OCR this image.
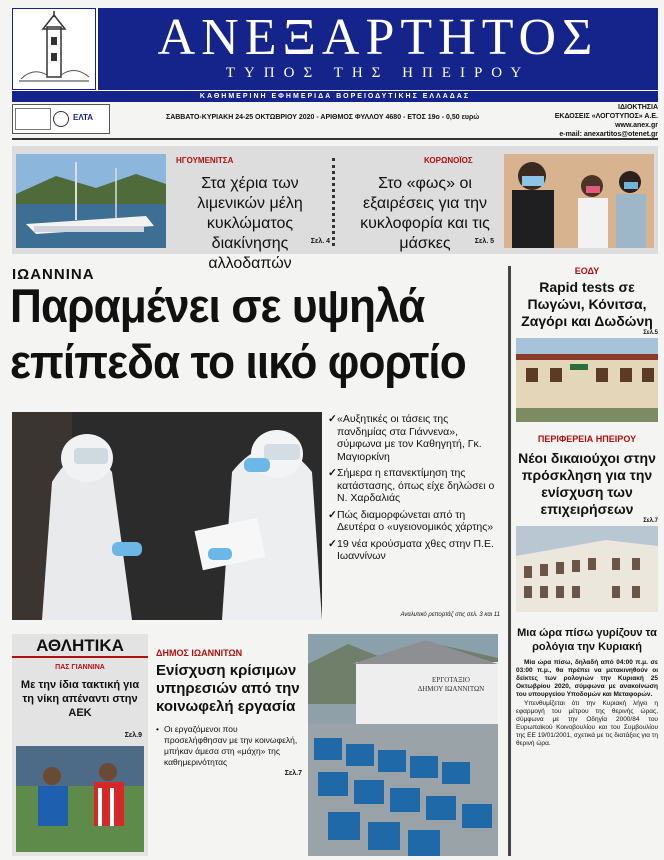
ΑΝΕΞΑΡΤΗΤΟΣ
ΤΥΠΟΣ ΤΗΣ ΗΠΕΙΡΟΥ
ΚΑΘΗΜΕΡΙΝΗ ΕΦΗΜΕΡΙΔΑ ΒΟΡΕΙΟΔΥΤΙΚΗΣ ΕΛΛΑΔΑΣ
ΕΛΤΑ	ΣΑΒΒΑΤΟ-ΚΥΡΙΑΚΗ 24-25 ΟΚΤΩΒΡΙΟΥ 2020 - ΑΡΙΘΜΟΣ ΦΥΛΛΟΥ 4680 - ΕΤΟΣ 19ο - 0,50 ευρώ
ΙΔΙΟΚΤΗΣΙΑ
ΕΚΔΟΣΕΙΣ «ΛΟΓΟΤΥΠΟΣ» Α.Ε.
www.anex.gr
e-mail: anexartitos@otenet.gr
ΗΓΟΥΜΕΝΙΤΣΑ
Στα χέρια των λιμενικών μέλη κυκλώματος διακίνησης αλλοδαπών
Σελ. 4
ΚΟΡΩΝΟΪΟΣ
Στο «φως» οι εξαιρέσεις για την κυκλοφορία και τις μάσκες	Σελ. 5
ΙΩΑΝΝΙΝΑ
Παραμένει σε υψηλά επίπεδα το ιικό φορτίο
✓ «Αυξητικές οι τάσεις της πανδημίας στα Γιάννενα», σύμφωνα με τον Καθηγητή, Γκ. Μαγιορκίνη
✓ Σήμερα η επανεκτίμηση της κατάστασης, όπως είχε δηλώσει ο Ν. Χαρδαλιάς
✓ Πώς διαμορφώνεται από τη Δευτέρα ο «υγειονομικός χάρτης»
✓ 19 νέα κρούσματα χθες στην Π.Ε. Ιωαννίνων
Αναλυτικό ρεπορτάζ στις σελ. 3 και 11
ΑΘΛΗΤΙΚΑ
ΠΑΣ ΓΙΑΝΝΙΝΑ
Με την ίδια τακτική για τη νίκη απέναντι στην ΑΕΚ
Σελ.9
ΔΗΜΟΣ ΙΩΑΝΝΙΤΩΝ
Ενίσχυση κρίσιμων υπηρεσιών από την κοινωφελή εργασία
• Οι εργαζόμενοι που προσελήφθησαν με την κοινωφελή, μπήκαν άμεσα στη «μάχη» της καθημερινότητας
Σελ.7
ΕΡΓΟΤΑΞΙΟ
ΔΗΜΟΥ ΙΩΑΝΝΙΤΩΝ
ΕΟΔΥ
Rapid tests σε Πωγώνι, Κόνιτσα, Ζαγόρι και Δωδώνη
Σελ.5
ΠΕΡΙΦΕΡΕΙΑ ΗΠΕΙΡΟΥ
Νέοι δικαιούχοι στην πρόσκληση για την ενίσχυση των επιχειρήσεων
Σελ.7
Μια ώρα πίσω γυρίζουν τα ρολόγια την Κυριακή
Μία ώρα πίσω, δηλαδή από 04:00 π.μ. σε 03:00 π.μ., θα πρέπει να μετακινηθούν οι δείκτες των ρολογιών την Κυριακή 25 Οκτωβρίου 2020, σύμφωνα με ανακοίνωση του υπουργείου Υποδομών και Μεταφορών.
Υπενθυμίζεται ότι την Κυριακή λήγει η εφαρμογή του μέτρου της θερινής ώρας, σύμφωνα με την Οδηγία 2000/84 του Ευρωπαϊκού Κοινοβουλίου και του Συμβουλίου της ΕΕ 19/01/2001, σχετικά με τις διατάξεις για τη θερινή ώρα.
